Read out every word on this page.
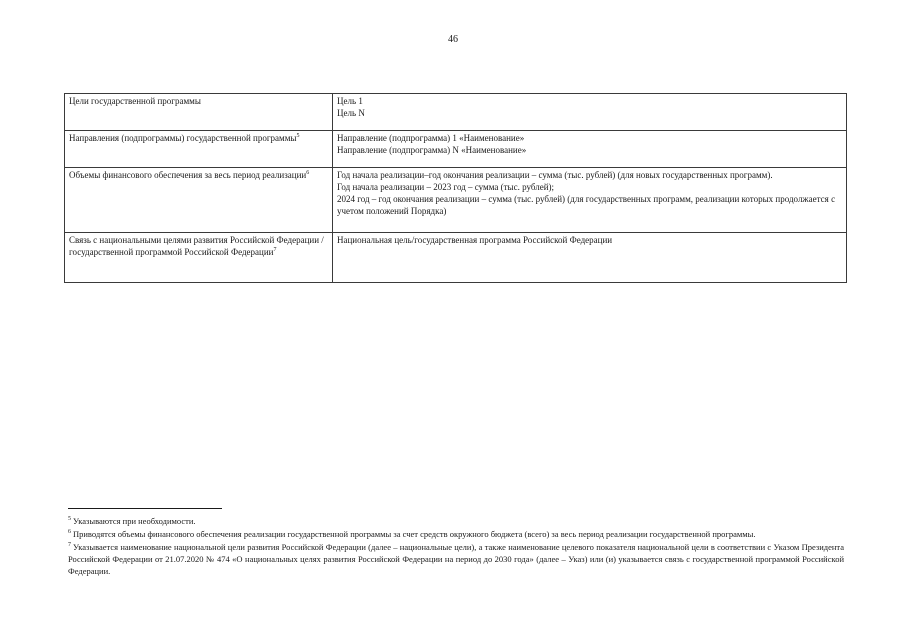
46
Цели государственной программы	Цель 1
Цель N

Направления (подпрограммы) государственной программы$^5$	Направление (подпрограмма) 1 «Наименование»
Направление (подпрограмма) N «Наименование»

Объемы финансового обеспечения за весь период реализации$^6$	Год начала реализации–год окончания реализации – сумма (тыс. рублей) (для новых государственных программ).
Год начала реализации – 2023 год – сумма (тыс. рублей);
2024 год – год окончания реализации – сумма (тыс. рублей) (для государственных программ, реализации которых продолжается с учетом положений Порядка)

Связь с национальными целями развития Российской Федерации / государственной программой Российской Федерации$^7$	Национальная цель/государственная программа Российской Федерации

$^5$ Указываются при необходимости.

$^6$ Приводятся объемы финансового обеспечения реализации государственной программы за счет средств окружного бюджета (всего) за весь период реализации государственной программы.

$^7$ Указывается наименование национальной цели развития Российской Федерации (далее – национальные цели), а также наименование целевого показателя национальной цели в соответствии с Указом Президента Российской Федерации от 21.07.2020 № 474 «О национальных целях развития Российской Федерации на период до 2030 года» (далее – Указ) или (и) указывается связь с государственной программой Российской Федерации.
